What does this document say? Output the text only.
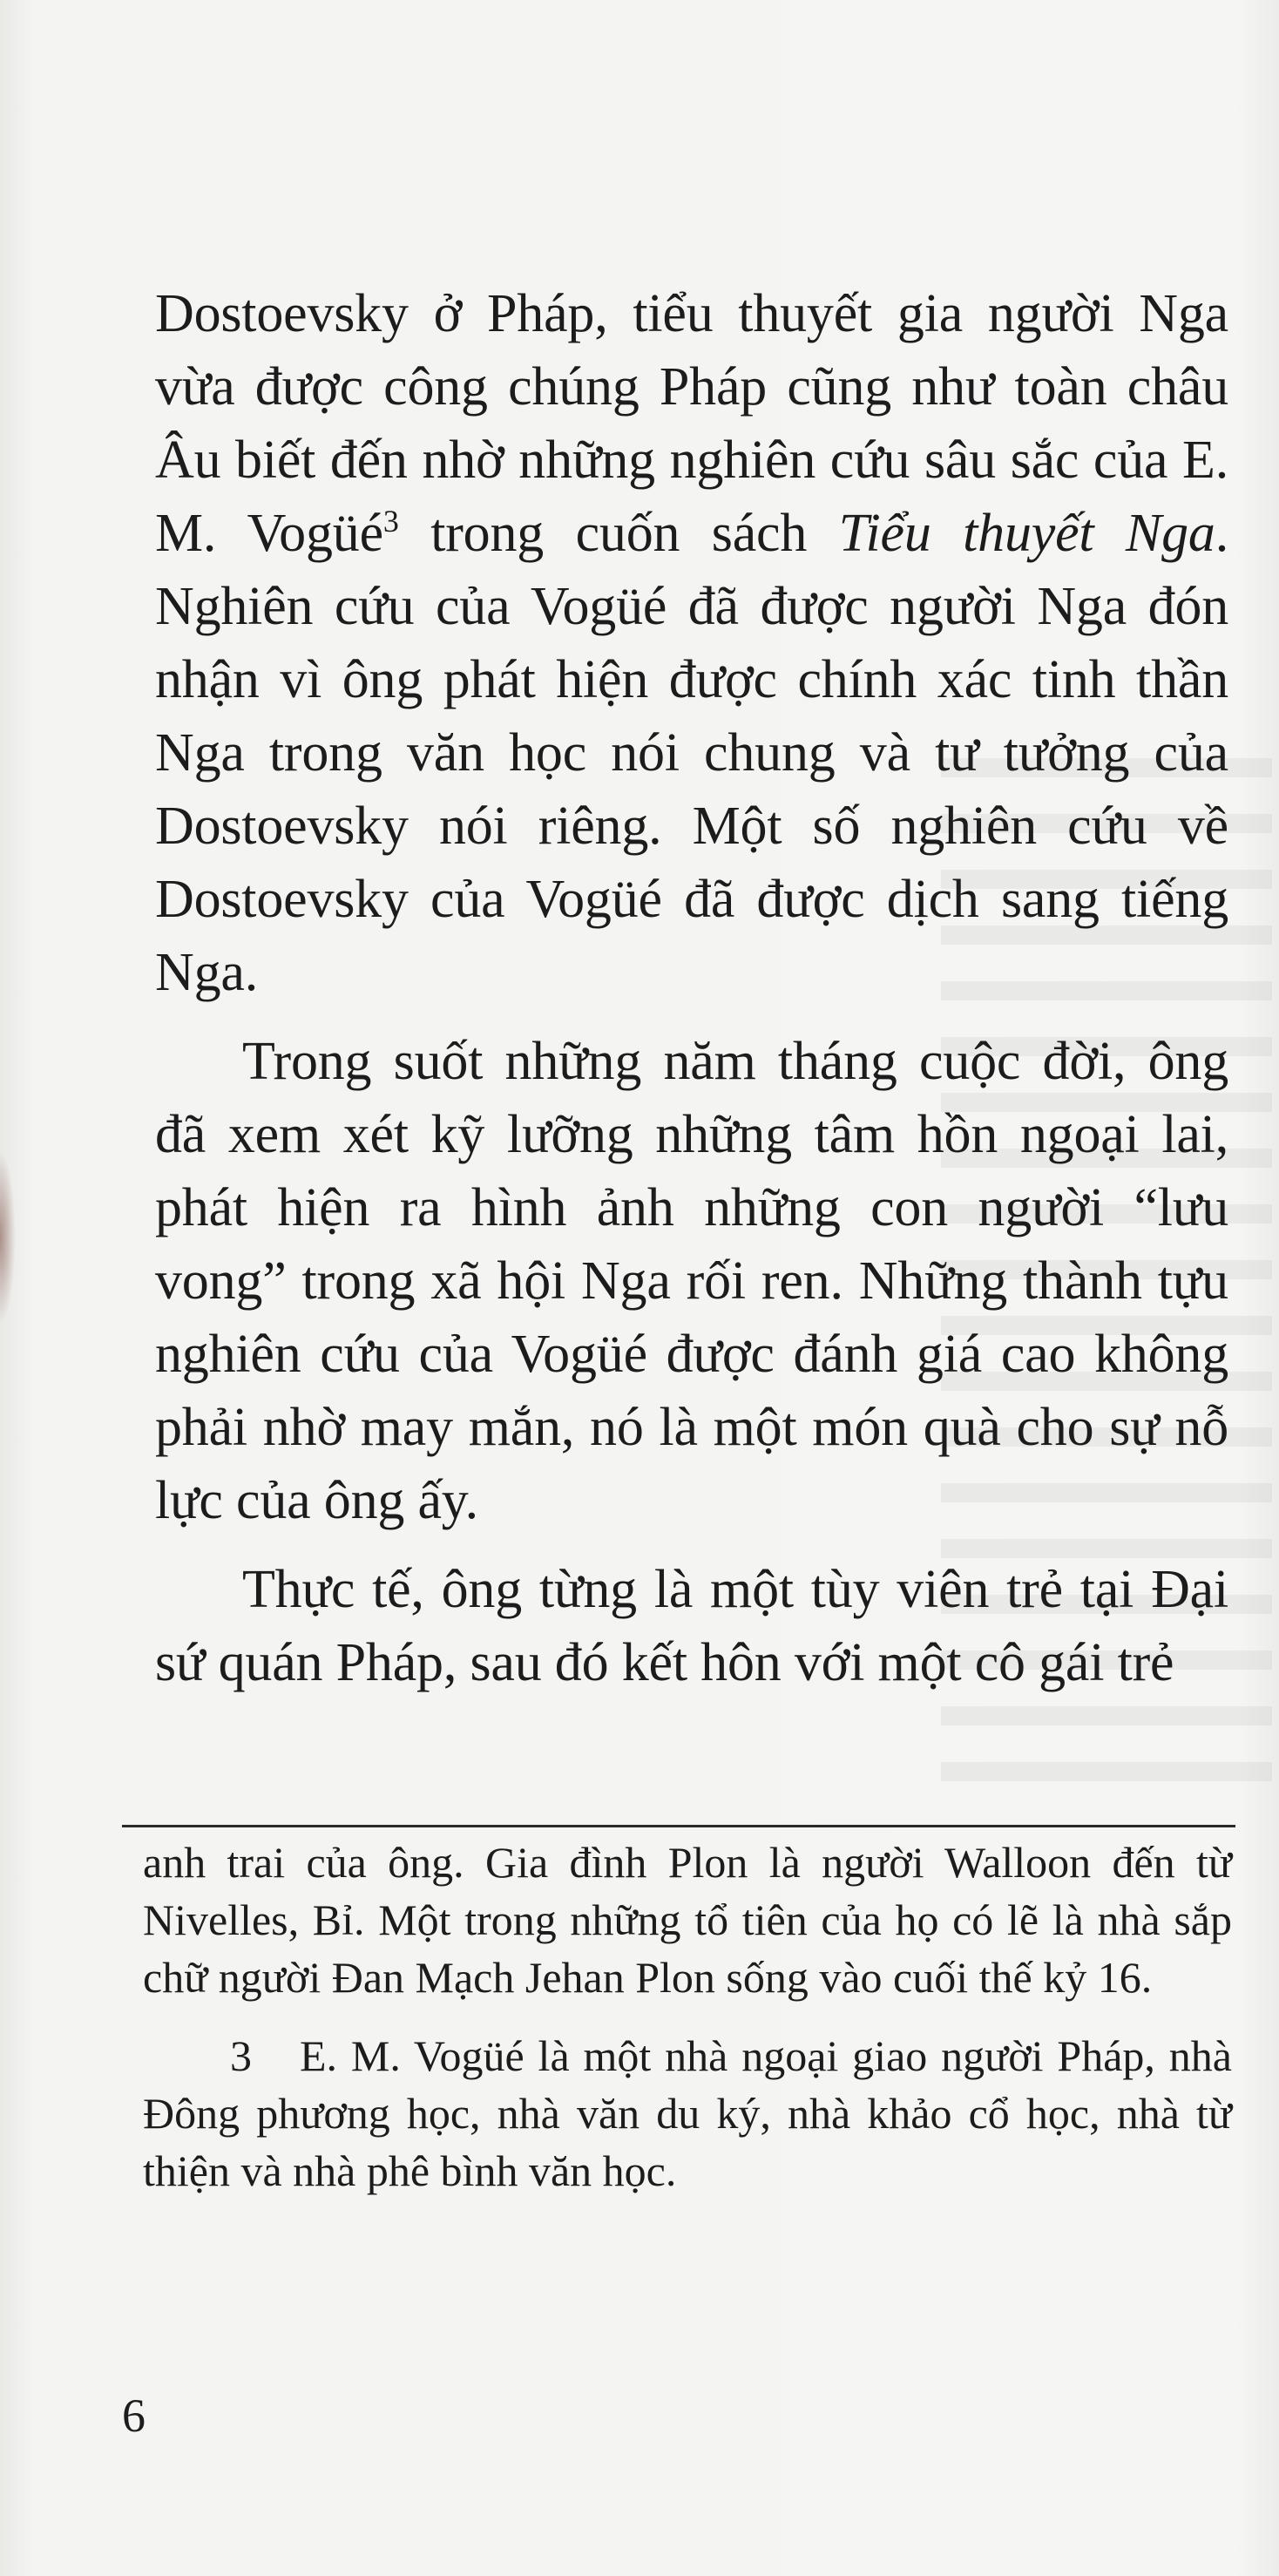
Dostoevsky ở Pháp, tiểu thuyết gia người Nga vừa được công chúng Pháp cũng như toàn châu Âu biết đến nhờ những nghiên cứu sâu sắc của E. M. Vogüé$^3$ trong cuốn sách Tiểu thuyết Nga. Nghiên cứu của Vogüé đã được người Nga đón nhận vì ông phát hiện được chính xác tinh thần Nga trong văn học nói chung và tư tưởng của Dostoevsky nói riêng. Một số nghiên cứu về Dostoevsky của Vogüé đã được dịch sang tiếng Nga.

Trong suốt những năm tháng cuộc đời, ông đã xem xét kỹ lưỡng những tâm hồn ngoại lai, phát hiện ra hình ảnh những con người “lưu vong” trong xã hội Nga rối ren. Những thành tựu nghiên cứu của Vogüé được đánh giá cao không phải nhờ may mắn, nó là một món quà cho sự nỗ lực của ông ấy.

Thực tế, ông từng là một tùy viên trẻ tại Đại sứ quán Pháp, sau đó kết hôn với một cô gái trẻ

anh trai của ông. Gia đình Plon là người Walloon đến từ Nivelles, Bỉ. Một trong những tổ tiên của họ có lẽ là nhà sắp chữ người Đan Mạch Jehan Plon sống vào cuối thế kỷ 16.

3 E. M. Vogüé là một nhà ngoại giao người Pháp, nhà Đông phương học, nhà văn du ký, nhà khảo cổ học, nhà từ thiện và nhà phê bình văn học.

6
